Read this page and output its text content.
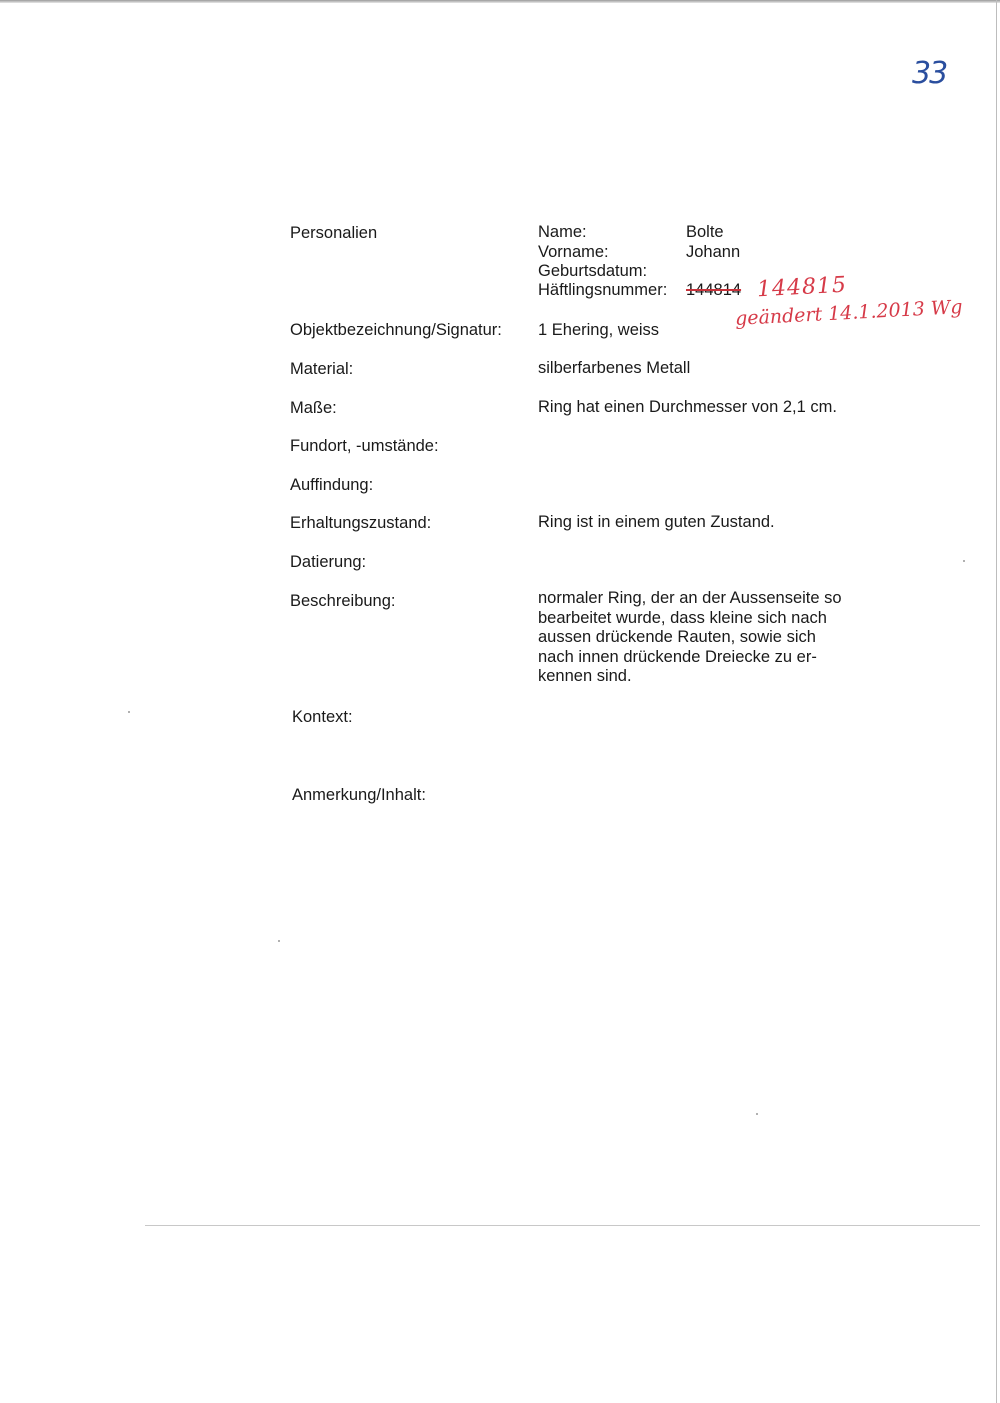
33
Personalien	Name:	Bolte
Vorname:	Johann
Geburtsdatum:
Häftlingsnummer: 144814 144815
geändert 14.1.2013 Wg
Objektbezeichnung/Signatur: 1 Ehering, weiss
Material:	silberfarbenes Metall
Maße:	Ring hat einen Durchmesser von 2,1 cm.
Fundort, -umstände:
Auffindung:
Erhaltungszustand:	Ring ist in einem guten Zustand.
Datierung:
Beschreibung:	normaler Ring, der an der Aussenseite so
bearbeitet wurde, dass kleine sich nach
aussen drückende Rauten, sowie sich
nach innen drückende Dreiecke zu er-
kennen sind.
Kontext:
Anmerkung/Inhalt:
